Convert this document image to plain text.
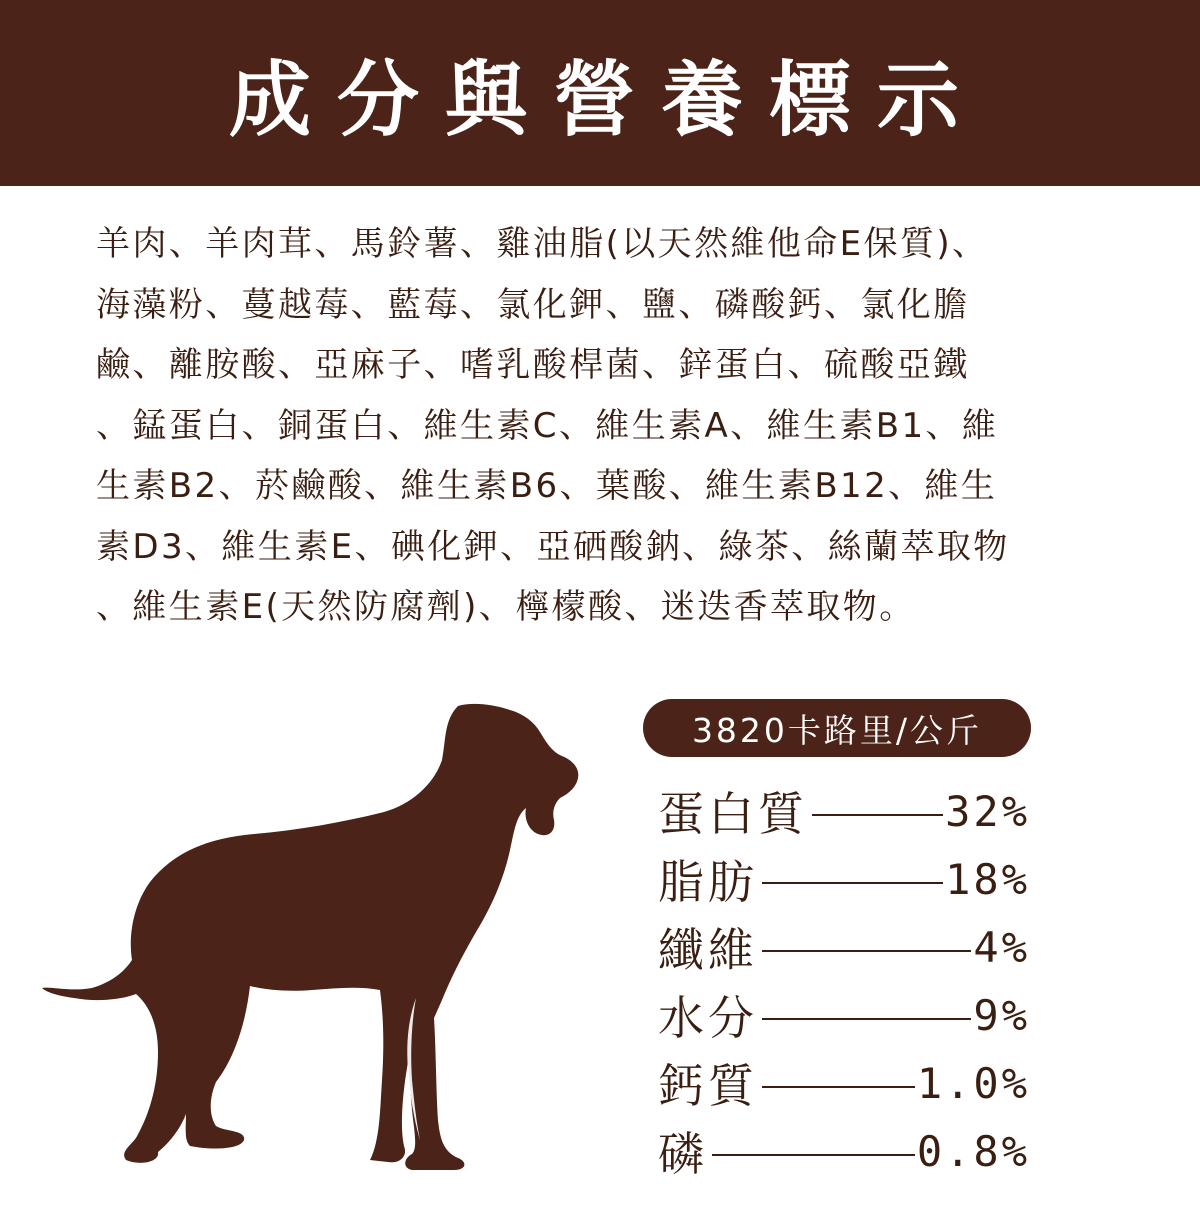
成分與營養標示
羊肉、羊肉茸、馬鈴薯、雞油脂(以天然維他命E保質)、
海藻粉、蔓越莓、藍莓、氯化鉀、鹽、磷酸鈣、氯化膽
鹼、離胺酸、亞麻子、嗜乳酸桿菌、鋅蛋白、硫酸亞鐵
、錳蛋白、銅蛋白、維生素C、維生素A、維生素B1、維
生素B2、菸鹼酸、維生素B6、葉酸、維生素B12、維生
素D3、維生素E、碘化鉀、亞硒酸鈉、綠茶、絲蘭萃取物
、維生素E(天然防腐劑)、檸檬酸、迷迭香萃取物。
3820卡路里/公斤
蛋白質	32%
脂肪	18%
纖維	4%
水分	9%
鈣質	1.0%
磷	0.8%
